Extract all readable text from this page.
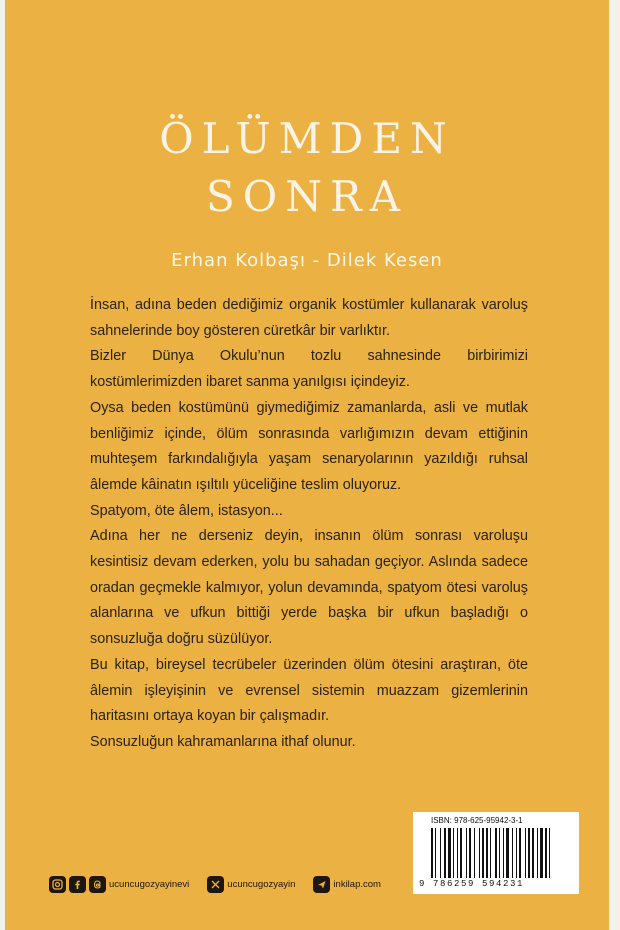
ÖLÜMDEN
SONRA
Erhan Kolbaşı - Dilek Kesen

İnsan, adına beden dediğimiz organik kostümler kullanarak varoluş sahnelerinde boy gösteren cüretkâr bir varlıktır.

Bizler Dünya Okulu’nun tozlu sahnesinde birbirimizi kostümlerimizden ibaret sanma yanılgısı içindeyiz.

Oysa beden kostümünü giymediğimiz zamanlarda, asli ve mutlak benliğimiz içinde, ölüm sonrasında varlığımızın devam ettiğinin muhteşem farkındalığıyla yaşam senaryolarının yazıldığı ruhsal âlemde kâinatın ışıltılı yüceliğine teslim oluyoruz.

Spatyom, öte âlem, istasyon...

Adına her ne derseniz deyin, insanın ölüm sonrası varoluşu kesintisiz devam ederken, yolu bu sahadan geçiyor. Aslında sadece oradan geçmekle kalmıyor, yolun devamında, spatyom ötesi varoluş alanlarına ve ufkun bittiği yerde başka bir ufkun başladığı o sonsuzluğa doğru süzülüyor.

Bu kitap, bireysel tecrübeler üzerinden ölüm ötesini araştıran, öte âlemin işleyişinin ve evrensel sistemin muazzam gizemlerinin haritasını ortaya koyan bir çalışmadır.

Sonsuzluğun kahramanlarına ithaf olunur.

ISBN: 978-625-95942-3-1
9 786259 594231
ucuncugozyayinevi	ucuncugozyayin	inkilap.com
